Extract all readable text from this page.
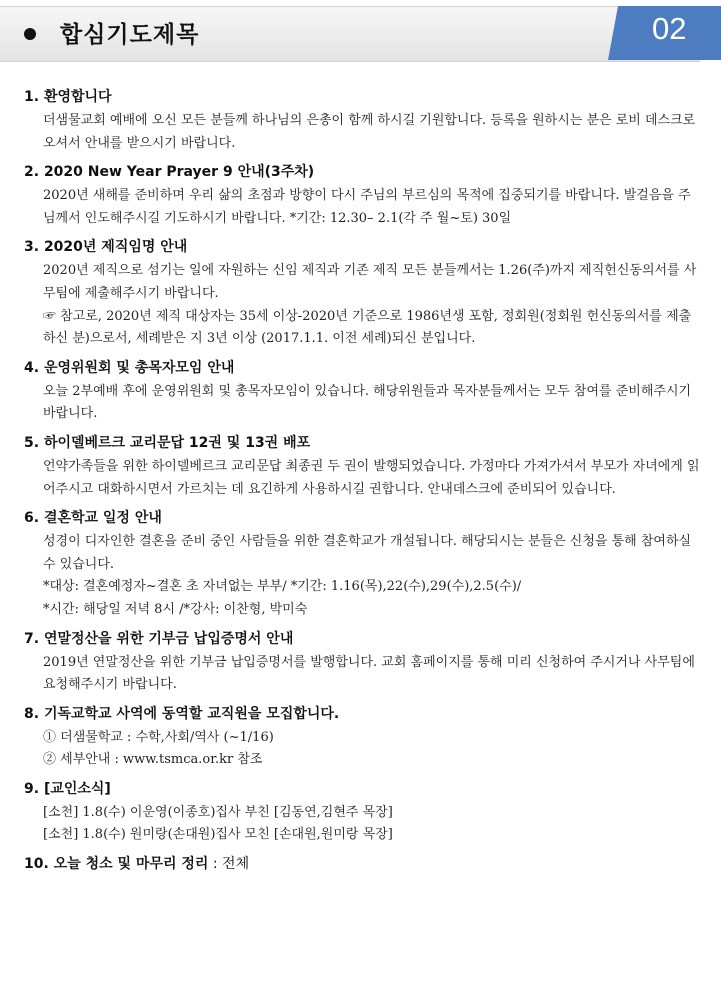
합심기도제목	02
1. 환영합니다

더샘물교회 예배에 오신 모든 분들께 하나님의 은총이 함께 하시길 기원합니다. 등록을 원하시는 분은 로비 데스크로 오셔서 안내를 받으시기 바랍니다.

2. 2020 New Year Prayer 9 안내(3주차)

2020년 새해를 준비하며 우리 삶의 초점과 방향이 다시 주님의 부르심의 목적에 집중되기를 바랍니다. 발걸음을 주님께서 인도해주시길 기도하시기 바랍니다. *기간: 12.30– 2.1(각 주 월~토) 30일

3. 2020년 제직임명 안내

2020년 제직으로 섬기는 일에 자원하는 신임 제직과 기존 제직 모든 분들께서는 1.26(주)까지 제직헌신동의서를 사무팀에 제출해주시기 바랍니다.

☞ 참고로, 2020년 제직 대상자는 35세 이상-2020년 기준으로 1986년생 포함, 정회원(정회원 헌신동의서를 제출하신 분)으로서, 세례받은 지 3년 이상 (2017.1.1. 이전 세례)되신 분입니다.

4. 운영위원회 및 총목자모임 안내

오늘 2부예배 후에 운영위원회 및 총목자모임이 있습니다. 해당위원들과 목자분들께서는 모두 참여를 준비해주시기 바랍니다.

5. 하이델베르크 교리문답 12권 및 13권 배포

언약가족들을 위한 하이델베르크 교리문답 최종권 두 권이 발행되었습니다. 가정마다 가져가셔서 부모가 자녀에게 읽어주시고 대화하시면서 가르치는 데 요긴하게 사용하시길 권합니다. 안내데스크에 준비되어 있습니다.

6. 결혼학교 일정 안내

성경이 디자인한 결혼을 준비 중인 사람들을 위한 결혼학교가 개설됩니다. 해당되시는 분들은 신청을 통해 참여하실 수 있습니다.

*대상: 결혼예정자~결혼 초 자녀없는 부부/ *기간: 1.16(목),22(수),29(수),2.5(수)/

*시간: 해당일 저녁 8시 /*강사: 이찬형, 박미숙

7. 연말정산을 위한 기부금 납입증명서 안내

2019년 연말정산을 위한 기부금 납입증명서를 발행합니다. 교회 홈페이지를 통해 미리 신청하여 주시거나 사무팀에 요청해주시기 바랍니다.

8. 기독교학교 사역에 동역할 교직원을 모집합니다.

① 더샘물학교 : 수학,사회/역사 (~1/16)

② 세부안내 : www.tsmca.or.kr 참조

9. [교인소식]

[소천] 1.8(수) 이운영(이종호)집사 부친 [김동연,김현주 목장]

[소천] 1.8(수) 원미랑(손대원)집사 모친 [손대원,원미랑 목장]

10. 오늘 청소 및 마무리 정리 : 전체
